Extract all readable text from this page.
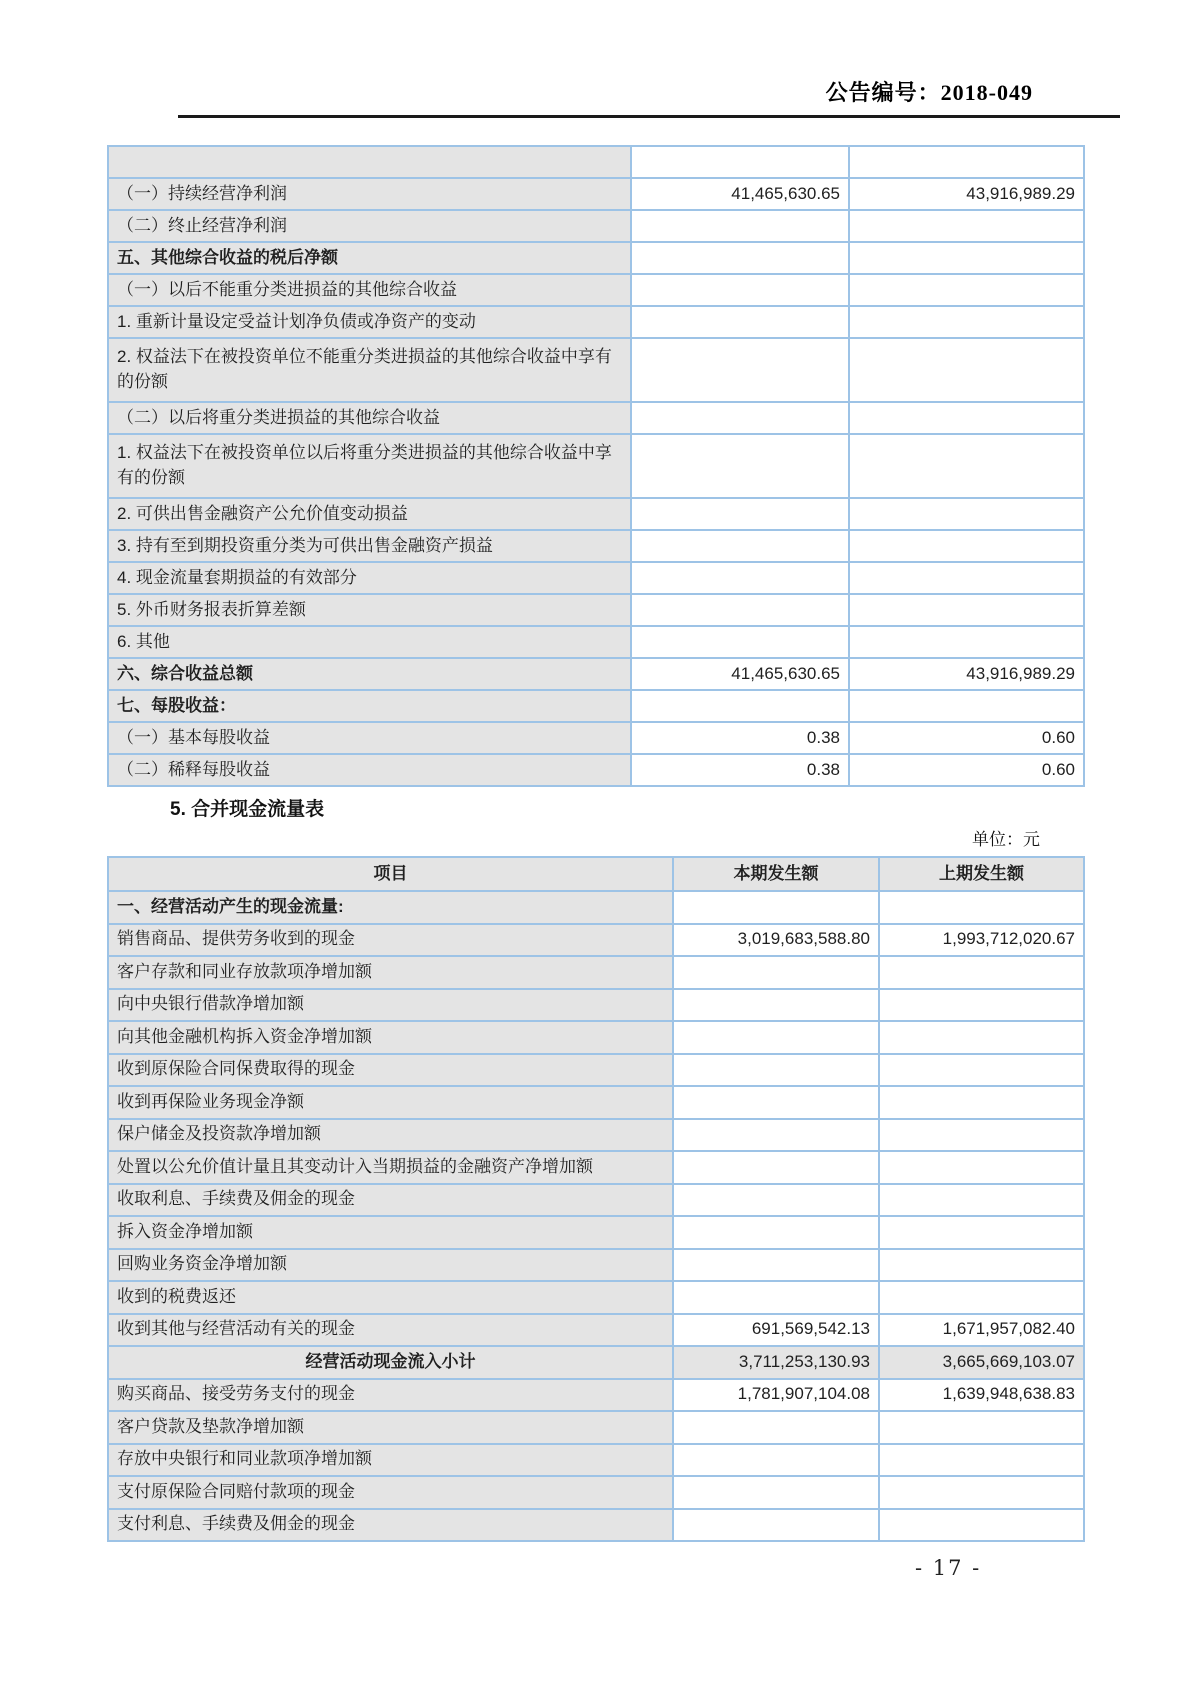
公告编号：2018-049

（一）持续经营净利润	41,465,630.65	43,916,989.29
（二）终止经营净利润		
五、其他综合收益的税后净额		
（一）以后不能重分类进损益的其他综合收益		
1. 重新计量设定受益计划净负债或净资产的变动		
2. 权益法下在被投资单位不能重分类进损益的其他综合收益中享有的份额		
（二）以后将重分类进损益的其他综合收益		
1. 权益法下在被投资单位以后将重分类进损益的其他综合收益中享有的份额		
2. 可供出售金融资产公允价值变动损益		
3. 持有至到期投资重分类为可供出售金融资产损益		
4. 现金流量套期损益的有效部分		
5. 外币财务报表折算差额		
6. 其他		
六、综合收益总额	41,465,630.65	43,916,989.29
七、每股收益：		
（一）基本每股收益	0.38	0.60
（二）稀释每股收益	0.38	0.60
5. 合并现金流量表
单位：元
项目	本期发生额	上期发生额
一、经营活动产生的现金流量:		
销售商品、提供劳务收到的现金	3,019,683,588.80	1,993,712,020.67
客户存款和同业存放款项净增加额		
向中央银行借款净增加额		
向其他金融机构拆入资金净增加额		
收到原保险合同保费取得的现金		
收到再保险业务现金净额		
保户储金及投资款净增加额		
处置以公允价值计量且其变动计入当期损益的金融资产净增加额		
收取利息、手续费及佣金的现金		
拆入资金净增加额		
回购业务资金净增加额		
收到的税费返还		
收到其他与经营活动有关的现金	691,569,542.13	1,671,957,082.40
经营活动现金流入小计	3,711,253,130.93	3,665,669,103.07
购买商品、接受劳务支付的现金	1,781,907,104.08	1,639,948,638.83
客户贷款及垫款净增加额		
存放中央银行和同业款项净增加额		
支付原保险合同赔付款项的现金		
支付利息、手续费及佣金的现金		
- 17 -
